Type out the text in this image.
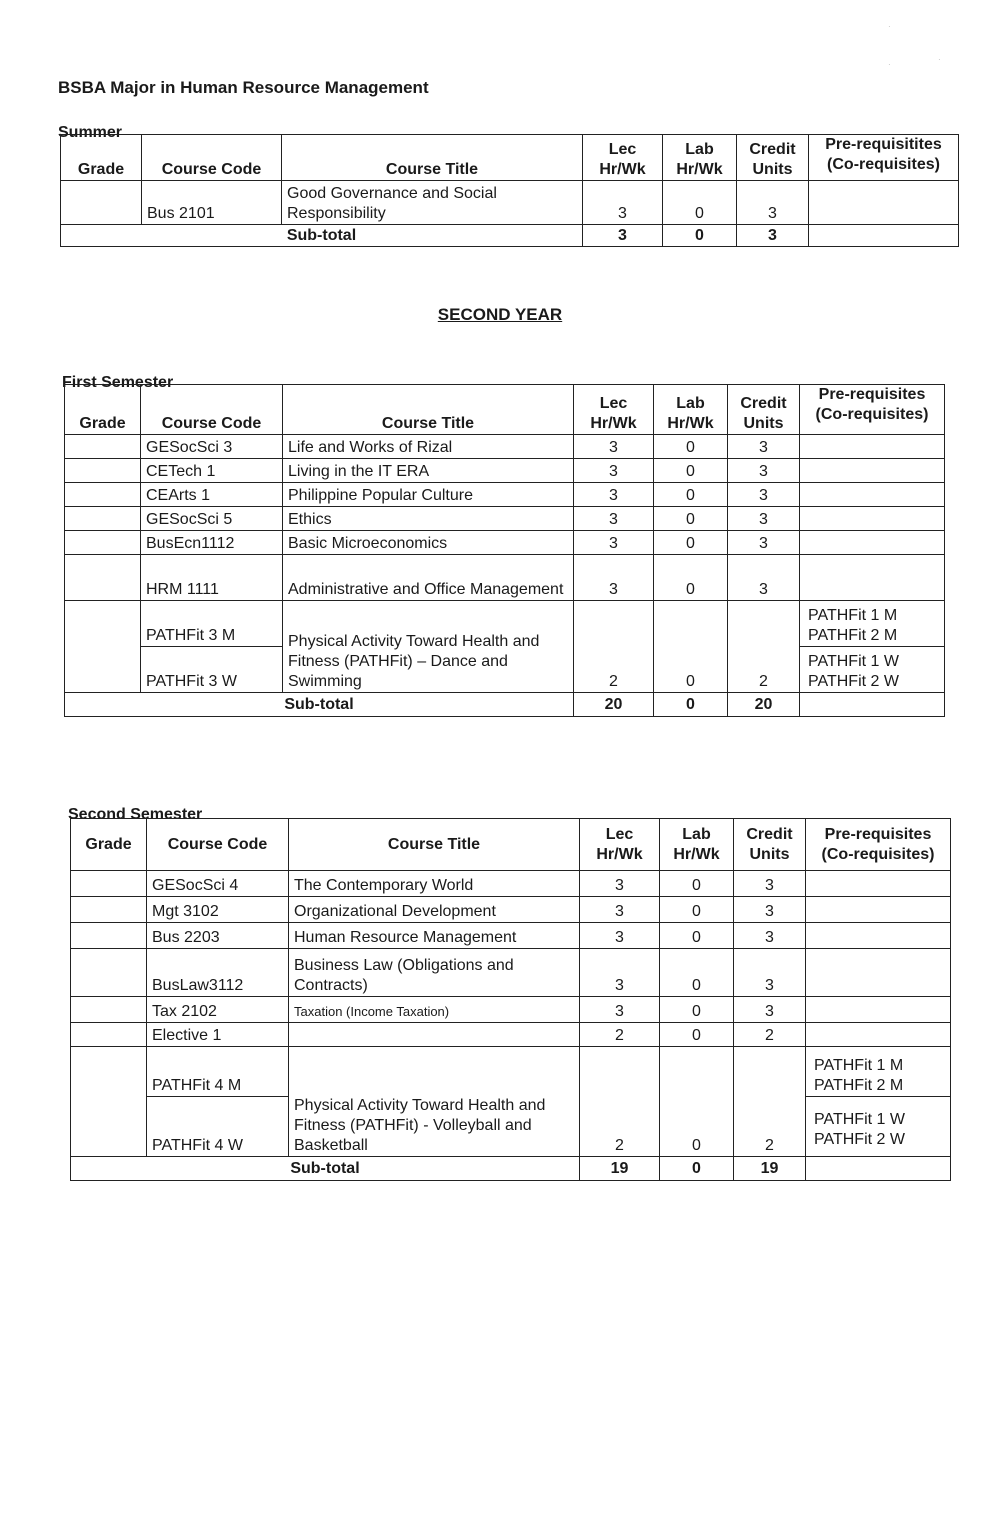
·
·
·
BSBA Major in Human Resource Management

Summer

Grade	Course Code	Course Title	Lec Hr/Wk	Lab Hr/Wk	Credit Units	Pre-requisitites (Co-requisites)
	Bus 2101	Good Governance and Social Responsibility	3	0	3	
Sub-total			3	0	3	
SECOND YEAR

First Semester

Grade	Course Code	Course Title	Lec Hr/Wk	Lab Hr/Wk	Credit Units	Pre-requisites (Co-requisites)
	GESocSci 3	Life and Works of Rizal	3	0	3	
	CETech 1	Living in the IT ERA	3	0	3	
	CEArts 1	Philippine Popular Culture	3	0	3	
	GESocSci 5	Ethics	3	0	3	
	BusEcn1112	Basic Microeconomics	3	0	3	
	HRM 1111	Administrative and Office Management	3	0	3	
	PATHFit 3 M	Physical Activity Toward Health and Fitness (PATHFit) – Dance and Swimming	2	0	2	PATHFit 1 M
PATHFit 2 M
	PATHFit 3 W					PATHFit 1 W
PATHFit 2 W
Sub-total			20	0	20	

Second Semester

Grade	Course Code	Course Title	Lec Hr/Wk	Lab Hr/Wk	Credit Units	Pre-requisites (Co-requisites)
	GESocSci 4	The Contemporary World	3	0	3	
	Mgt 3102	Organizational Development	3	0	3	
	Bus 2203	Human Resource Management	3	0	3	
	BusLaw3112	Business Law (Obligations and Contracts)	3	0	3	
	Tax 2102	Taxation (Income Taxation)	3	0	3	
	Elective 1		2	0	2	
	PATHFit 4 M	Physical Activity Toward Health and Fitness (PATHFit) - Volleyball and Basketball	2	0	2	PATHFit 1 M
PATHFit 2 M
	PATHFit 4 W					PATHFit 1 W
PATHFit 2 W
Sub-total			19	0	19	
